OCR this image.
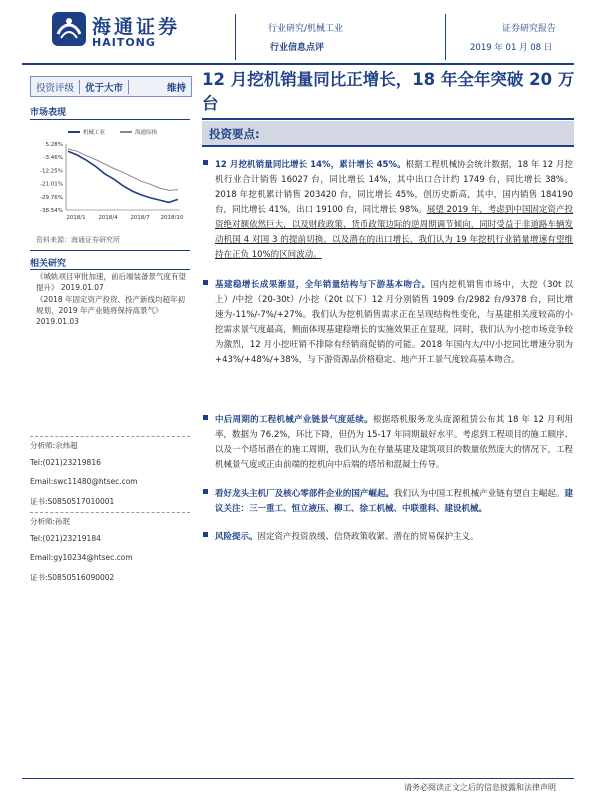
海通证券
HAITONG
行业研究/机械工业
行业信息点评
证券研究报告
2019 年 01 月 08 日
投资评级	优于大市	维持 12 月挖机销量同比正增长，18 年全年突破 20 万台
投资要点:
市场表现
机械工业	海通综指
5.28%
-3.46%
-12.25%
-21.01%
-29.76%
-38.54%
2018/1 2018/4 2018/7 2018/10
资料来源：海通证券研究所
相关研究
《城轨项目审批加速，前后端装备景气度有望提升》 2019.01.07
《2018 年固定资产投资、投产新线均超年初规划，2019 年产业链将保持高景气》
2019.01.03
分析师:佘炜超
Tel:(021)23219816
Email:swc11480@htsec.com
证书:S0850517010001
分析师:孙珉
Tel:(021)23219184
Email:gy10234@htsec.com
证书:S0850516090002
12 月挖机销量同比增长 14%，累计增长 45%。根据工程机械协会统计数据，18 年 12 月挖机行业合计销售 16027 台，同比增长 14%，其中出口合计约 1749 台，同比增长 38%。2018 年挖机累计销售 203420 台，同比增长 45%，创历史新高，其中，国内销售 184190 台，同比增长 41%，出口 19100 台，同比增长 98%。展望 2019 年，考虑到中国固定资产投资绝对额依然巨大，以及财政政策、货币政策边际的逆周期调节倾向，同时受益于非道路车辆发动机国 4 对国 3 的提前切换，以及潜在的出口增长，我们认为 19 年挖机行业销量增速有望维持在正负 10%的区间波动。
基建稳增长成果渐显，全年销量结构与下游基本吻合。国内挖机销售市场中，大挖（30t 以上）/中挖（20-30t）/小挖（20t 以下）12 月分别销售 1909 台/2982 台/9378 台，同比增速为-11%/-7%/+27%。我们认为挖机销售需求正在呈现结构性变化，与基建相关度较高的小挖需求景气度最高，侧面体现基建稳增长的实施效果正在显现。同时，我们认为小挖市场竞争较为激烈，12 月小挖旺销不排除有经销商促销的可能。2018 年国内大/中/小挖同比增速分别为+43%/+48%/+38%，与下游资源品价格稳定、地产开工景气度较高基本吻合。
中后周期的工程机械产业链景气度延续。根据塔机服务龙头庞源租赁公布其 18 年 12 月利用率，数据为 76.2%，环比下降，但仍为 15-17 年同期最好水平。考虑到工程项目的施工顺序、以及一个塔吊潜在的施工周期，我们认为在存量基建及建筑项目的数量依然庞大的情况下，工程机械景气度或正由前端的挖机向中后端的塔吊和混凝土传导。
看好龙头主机厂及核心零部件企业的国产崛起。我们认为中国工程机械产业链有望自主崛起。建议关注：三一重工、恒立液压、柳工、徐工机械、中联重科、建设机械。
风险提示。固定资产投资放缓、信贷政策收紧、潜在的贸易保护主义。
请务必阅读正文之后的信息披露和法律声明
